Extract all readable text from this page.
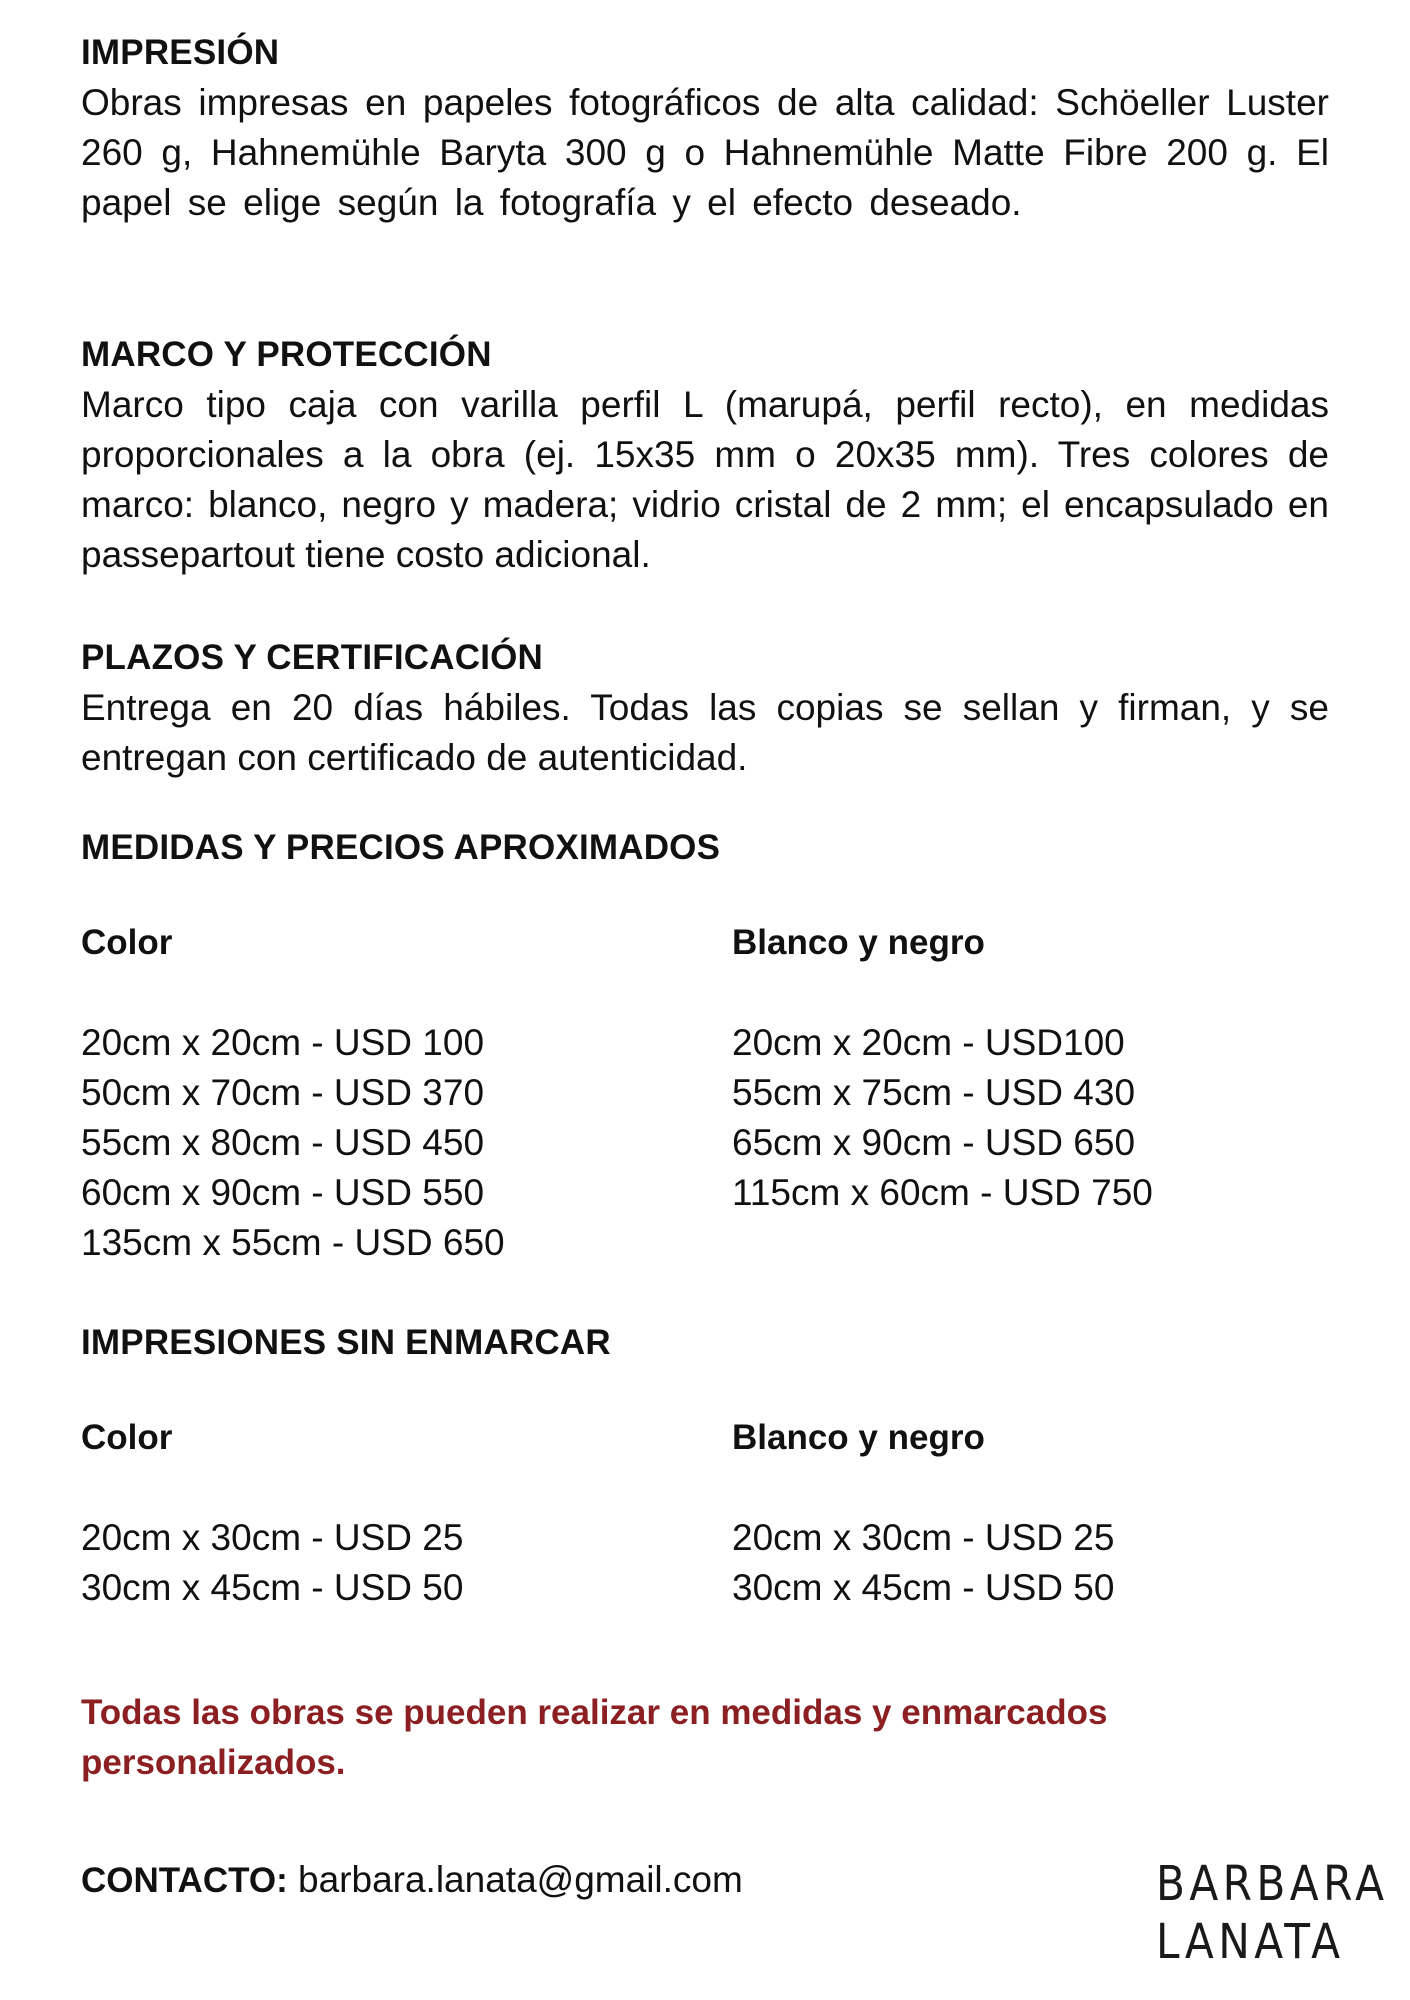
IMPRESIÓN

Obras impresas en papeles fotográficos de alta calidad: Schöeller Luster 260 g, Hahnemühle Baryta 300 g o Hahnemühle Matte Fibre 200 g. El papel se elige según la fotografía y el efecto deseado.

MARCO Y PROTECCIÓN

Marco tipo caja con varilla perfil L (marupá, perfil recto), en medidas proporcionales a la obra (ej. 15x35 mm o 20x35 mm). Tres colores de marco: blanco, negro y madera; vidrio cristal de 2 mm; el encapsulado en passepartout tiene costo adicional.

PLAZOS Y CERTIFICACIÓN

Entrega en 20 días hábiles. Todas las copias se sellan y firman, y se entregan con certificado de autenticidad.

MEDIDAS Y PRECIOS APROXIMADOS
Color
20cm x 20cm - USD 100
50cm x 70cm - USD 370
55cm x 80cm - USD 450
60cm x 90cm - USD 550
135cm x 55cm - USD 650
Blanco y negro
20cm x 20cm - USD100
55cm x 75cm - USD 430
65cm x 90cm - USD 650
115cm x 60cm - USD 750
IMPRESIONES SIN ENMARCAR
Color
20cm x 30cm - USD 25
30cm x 45cm - USD 50
Blanco y negro
20cm x 30cm - USD 25
30cm x 45cm - USD 50

Todas las obras se pueden realizar en medidas y enmarcados personalizados.

CONTACTO: barbara.lanata@gmail.com	BARBARA
LANATA
